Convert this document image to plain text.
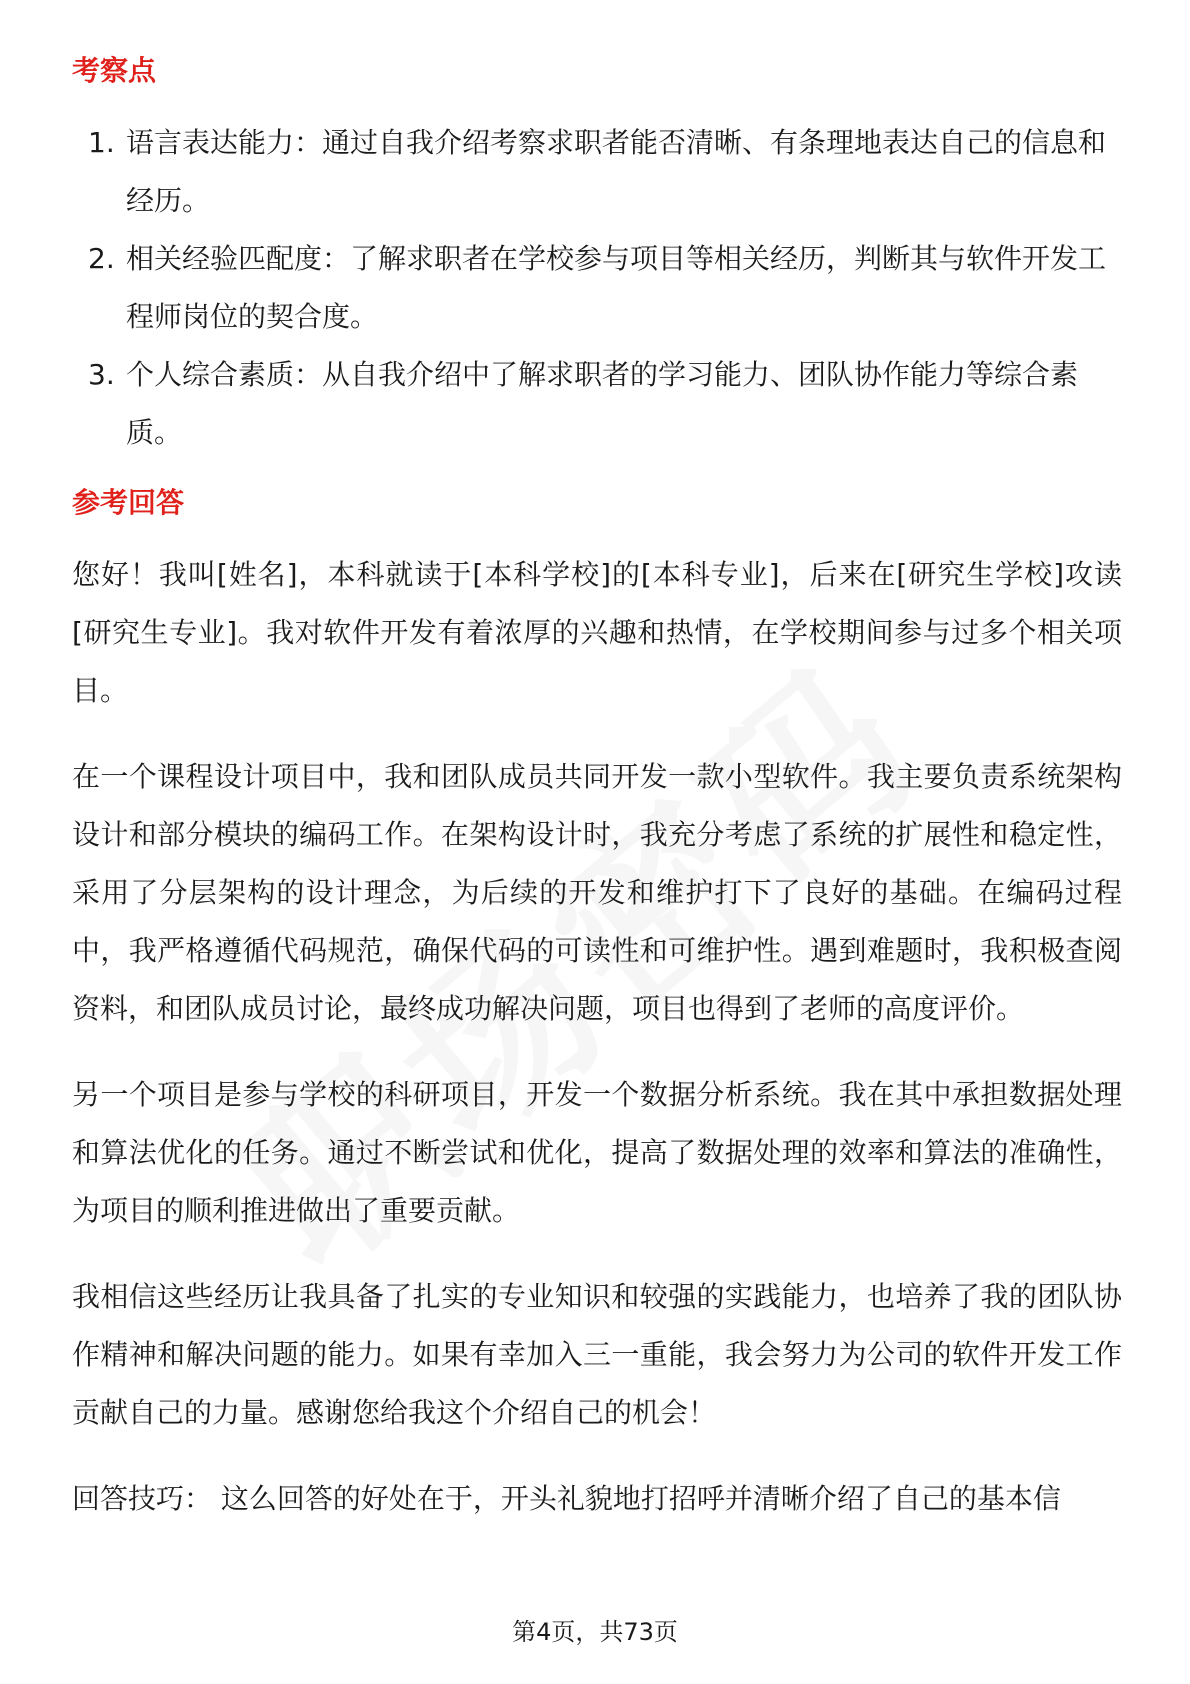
考察点
1. 语言表达能力：通过自我介绍考察求职者能否清晰、有条理地表达自己的信息和经历。
2. 相关经验匹配度：了解求职者在学校参与项目等相关经历，判断其与软件开发工程师岗位的契合度。
3. 个人综合素质：从自我介绍中了解求职者的学习能力、团队协作能力等综合素质。
参考回答

您好！我叫[姓名]，本科就读于[本科学校]的[本科专业]，后来在[研究生学校]攻读[研究生专业]。我对软件开发有着浓厚的兴趣和热情，在学校期间参与过多个相关项目。

在一个课程设计项目中，我和团队成员共同开发一款小型软件。我主要负责系统架构设计和部分模块的编码工作。在架构设计时，我充分考虑了系统的扩展性和稳定性，采用了分层架构的设计理念，为后续的开发和维护打下了良好的基础。在编码过程中，我严格遵循代码规范，确保代码的可读性和可维护性。遇到难题时，我积极查阅资料，和团队成员讨论，最终成功解决问题，项目也得到了老师的高度评价。

另一个项目是参与学校的科研项目，开发一个数据分析系统。我在其中承担数据处理和算法优化的任务。通过不断尝试和优化，提高了数据处理的效率和算法的准确性，为项目的顺利推进做出了重要贡献。

我相信这些经历让我具备了扎实的专业知识和较强的实践能力，也培养了我的团队协作精神和解决问题的能力。如果有幸加入三一重能，我会努力为公司的软件开发工作贡献自己的力量。感谢您给我这个介绍自己的机会！

回答技巧： 这么回答的好处在于，开头礼貌地打招呼并清晰介绍了自己的基本信

第4页，共73页
